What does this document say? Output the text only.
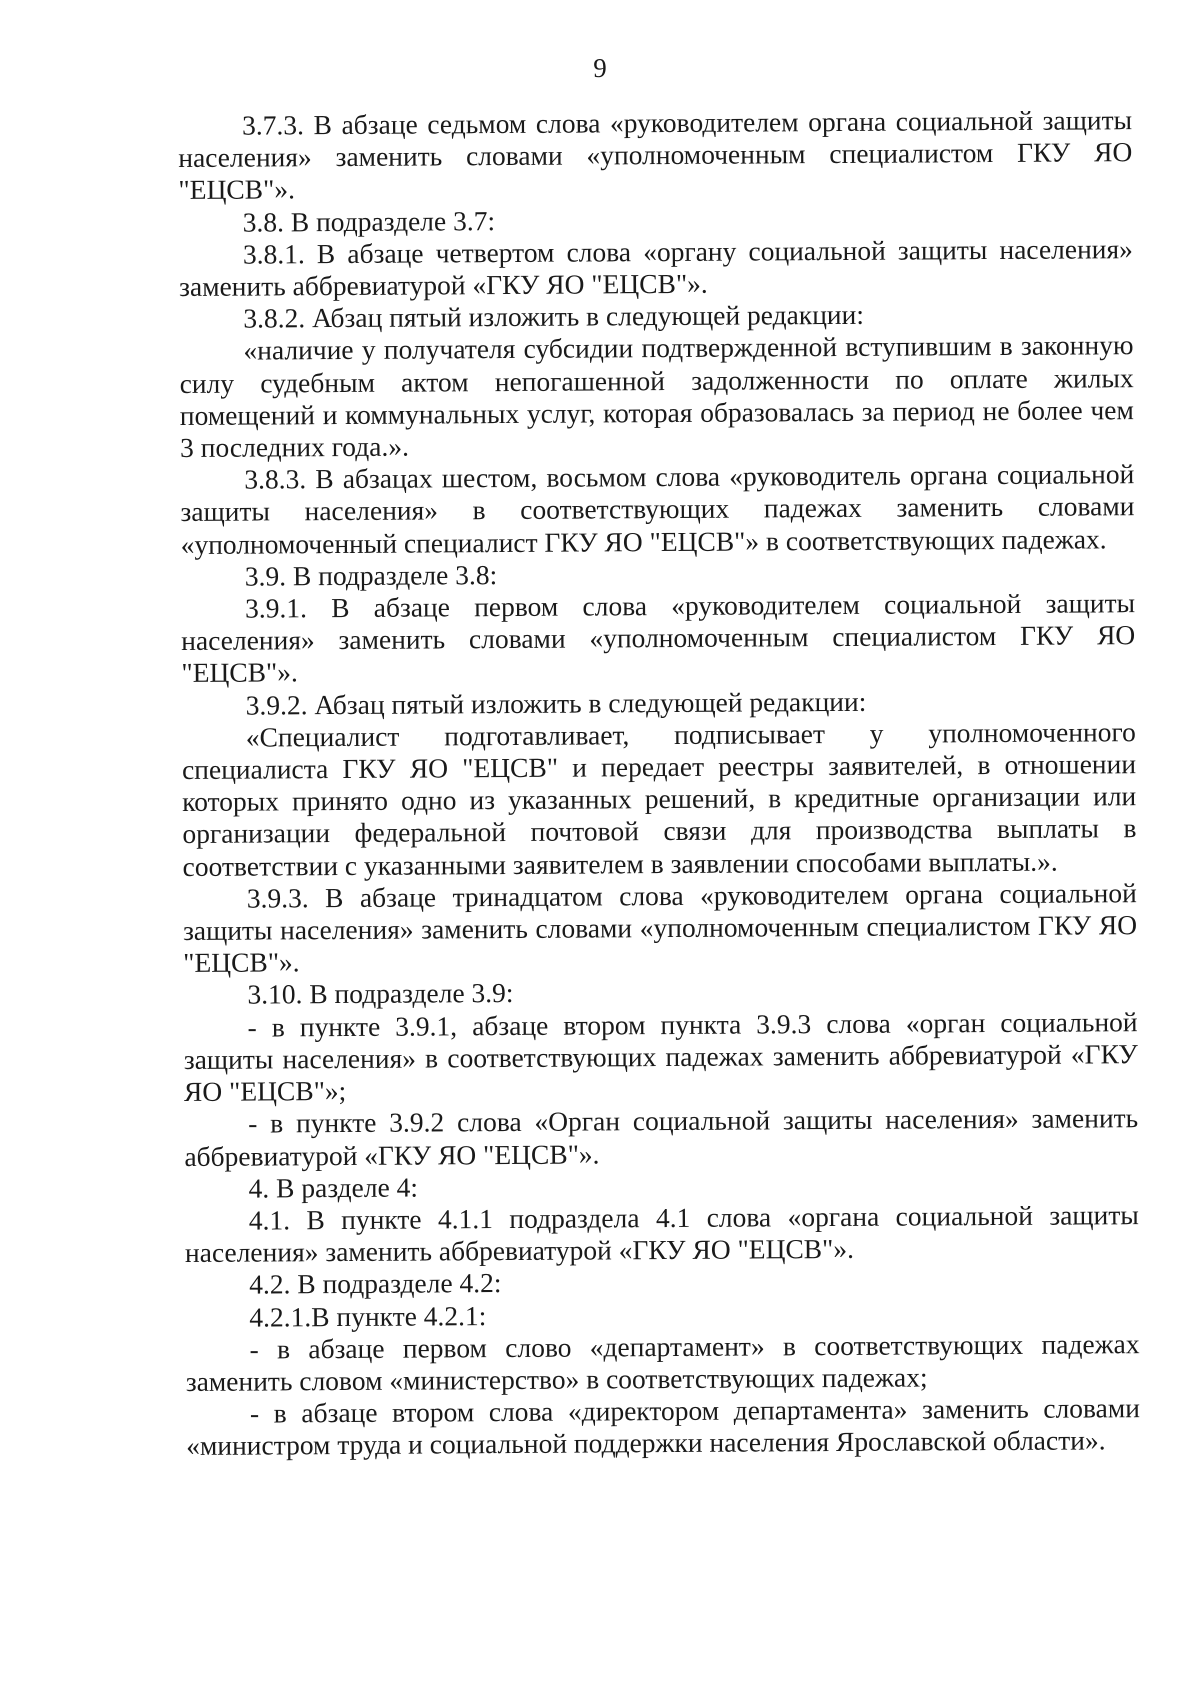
9

3.7.3. В абзаце седьмом слова «руководителем органа социальной защиты населения» заменить словами «уполномоченным специалистом ГКУ ЯО "ЕЦСВ"».

3.8. В подразделе 3.7:

3.8.1. В абзаце четвертом слова «органу социальной защиты населения» заменить аббревиатурой «ГКУ ЯО "ЕЦСВ"».

3.8.2. Абзац пятый изложить в следующей редакции:

«наличие у получателя субсидии подтвержденной вступившим в законную силу судебным актом непогашенной задолженности по оплате жилых помещений и коммунальных услуг, которая образовалась за период не более чем 3 последних года.».

3.8.3. В абзацах шестом, восьмом слова «руководитель органа социальной защиты населения» в соответствующих падежах заменить словами «уполномоченный специалист ГКУ ЯО "ЕЦСВ"» в соответствующих падежах.

3.9. В подразделе 3.8:

3.9.1. В абзаце первом слова «руководителем социальной защиты населения» заменить словами «уполномоченным специалистом ГКУ ЯО "ЕЦСВ"».

3.9.2. Абзац пятый изложить в следующей редакции:

«Специалист подготавливает, подписывает у уполномоченного специалиста ГКУ ЯО "ЕЦСВ" и передает реестры заявителей, в отношении которых принято одно из указанных решений, в кредитные организации или организации федеральной почтовой связи для производства выплаты в соответствии с указанными заявителем в заявлении способами выплаты.».

3.9.3. В абзаце тринадцатом слова «руководителем органа социальной защиты населения» заменить словами «уполномоченным специалистом ГКУ ЯО "ЕЦСВ"».

3.10. В подразделе 3.9:

- в пункте 3.9.1, абзаце втором пункта 3.9.3 слова «орган социальной защиты населения» в соответствующих падежах заменить аббревиатурой «ГКУ ЯО "ЕЦСВ"»;

- в пункте 3.9.2 слова «Орган социальной защиты населения» заменить аббревиатурой «ГКУ ЯО "ЕЦСВ"».

4. В разделе 4:

4.1. В пункте 4.1.1 подраздела 4.1 слова «органа социальной защиты населения» заменить аббревиатурой «ГКУ ЯО "ЕЦСВ"».

4.2. В подразделе 4.2:

4.2.1.В пункте 4.2.1:

- в абзаце первом слово «департамент» в соответствующих падежах заменить словом «министерство» в соответствующих падежах;

- в абзаце втором слова «директором департамента» заменить словами «министром труда и социальной поддержки населения Ярославской области».
